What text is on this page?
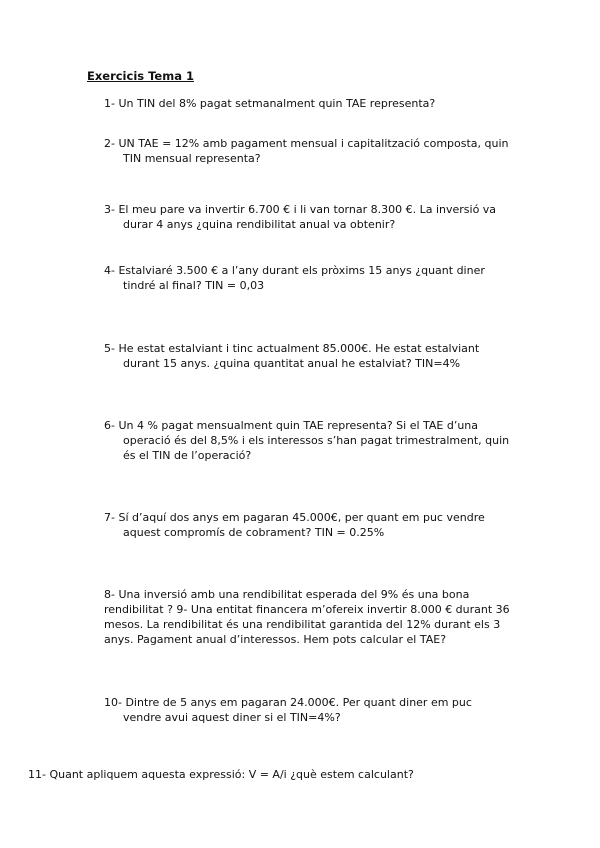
Exercicis Tema 1

1- Un TIN del 8% pagat setmanalment quin TAE representa?

2- UN TAE = 12% amb pagament mensual i capitalització composta, quin
TIN mensual representa?

3- El meu pare va invertir 6.700 € i li van tornar 8.300 €. La inversió va
durar 4 anys ¿quina rendibilitat anual va obtenir?

4- Estalviaré 3.500 € a l’any durant els pròxims 15 anys ¿quant diner
tindré al final? TIN = 0,03

5- He estat estalviant i tinc actualment 85.000€. He estat estalviant
durant 15 anys. ¿quina quantitat anual he estalviat? TIN=4%

6- Un 4 % pagat mensualment quin TAE representa? Si el TAE d’una
operació és del 8,5% i els interessos s’han pagat trimestralment, quin
és el TIN de l’operació?

7- Sí d’aquí dos anys em pagaran 45.000€, per quant em puc vendre
aquest compromís de cobrament? TIN = 0.25%

8- Una inversió amb una rendibilitat esperada del 9% és una bona
rendibilitat ? 9- Una entitat financera m’ofereix invertir 8.000 € durant 36
mesos. La rendibilitat és una rendibilitat garantida del 12% durant els 3
anys. Pagament anual d’interessos. Hem pots calcular el TAE?

10- Dintre de 5 anys em pagaran 24.000€. Per quant diner em puc
vendre avui aquest diner si el TIN=4%?

11- Quant apliquem aquesta expressió: V = A/i ¿què estem calculant?
